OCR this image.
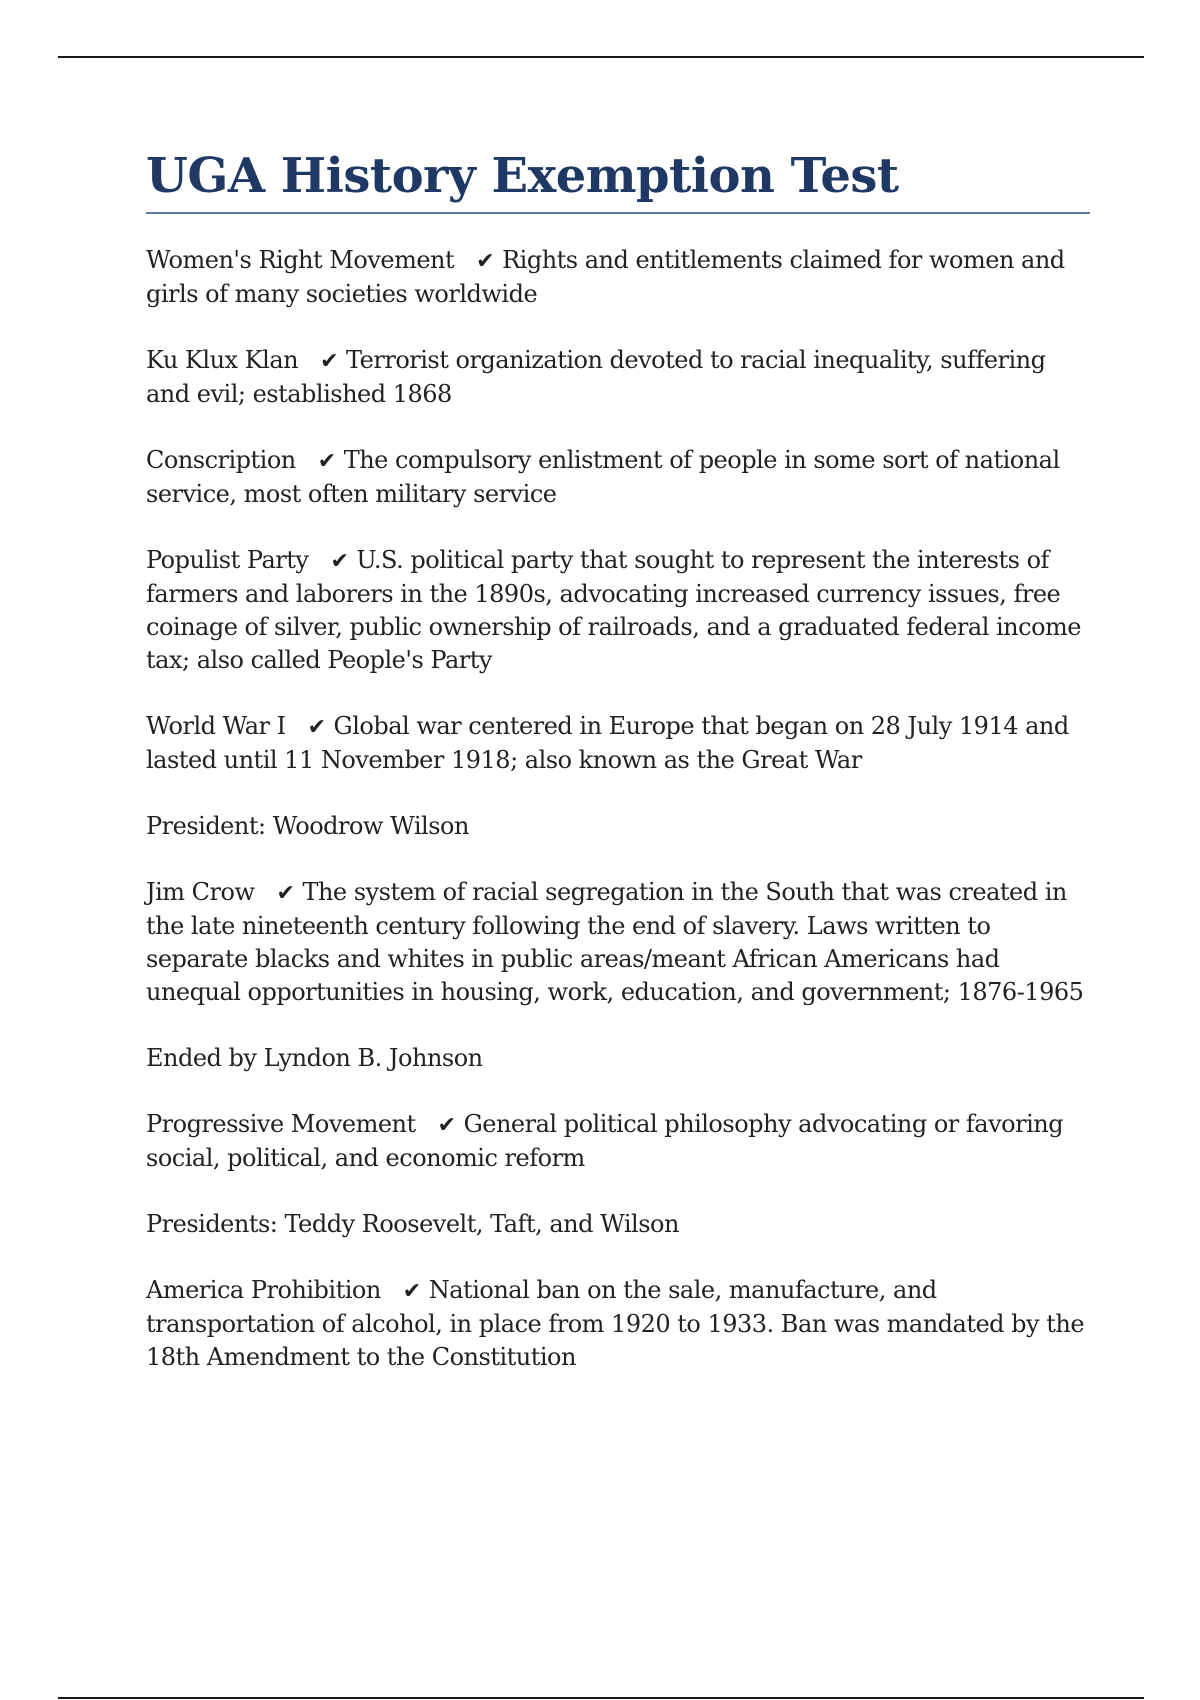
UGA History Exemption Test

Women's Right Movement ✔ Rights and entitlements claimed for women and girls of many societies worldwide

Ku Klux Klan ✔ Terrorist organization devoted to racial inequality, suffering and evil; established 1868

Conscription ✔ The compulsory enlistment of people in some sort of national service, most often military service

Populist Party ✔ U.S. political party that sought to represent the interests of farmers and laborers in the 1890s, advocating increased currency issues, free coinage of silver, public ownership of railroads, and a graduated federal income tax; also called People's Party

World War I ✔ Global war centered in Europe that began on 28 July 1914 and lasted until 11 November 1918; also known as the Great War

President: Woodrow Wilson

Jim Crow ✔ The system of racial segregation in the South that was created in the late nineteenth century following the end of slavery. Laws written to separate blacks and whites in public areas/meant African Americans had unequal opportunities in housing, work, education, and government; 1876-1965

Ended by Lyndon B. Johnson

Progressive Movement ✔ General political philosophy advocating or favoring social, political, and economic reform

Presidents: Teddy Roosevelt, Taft, and Wilson

America Prohibition ✔ National ban on the sale, manufacture, and transportation of alcohol, in place from 1920 to 1933. Ban was mandated by the 18th Amendment to the Constitution
